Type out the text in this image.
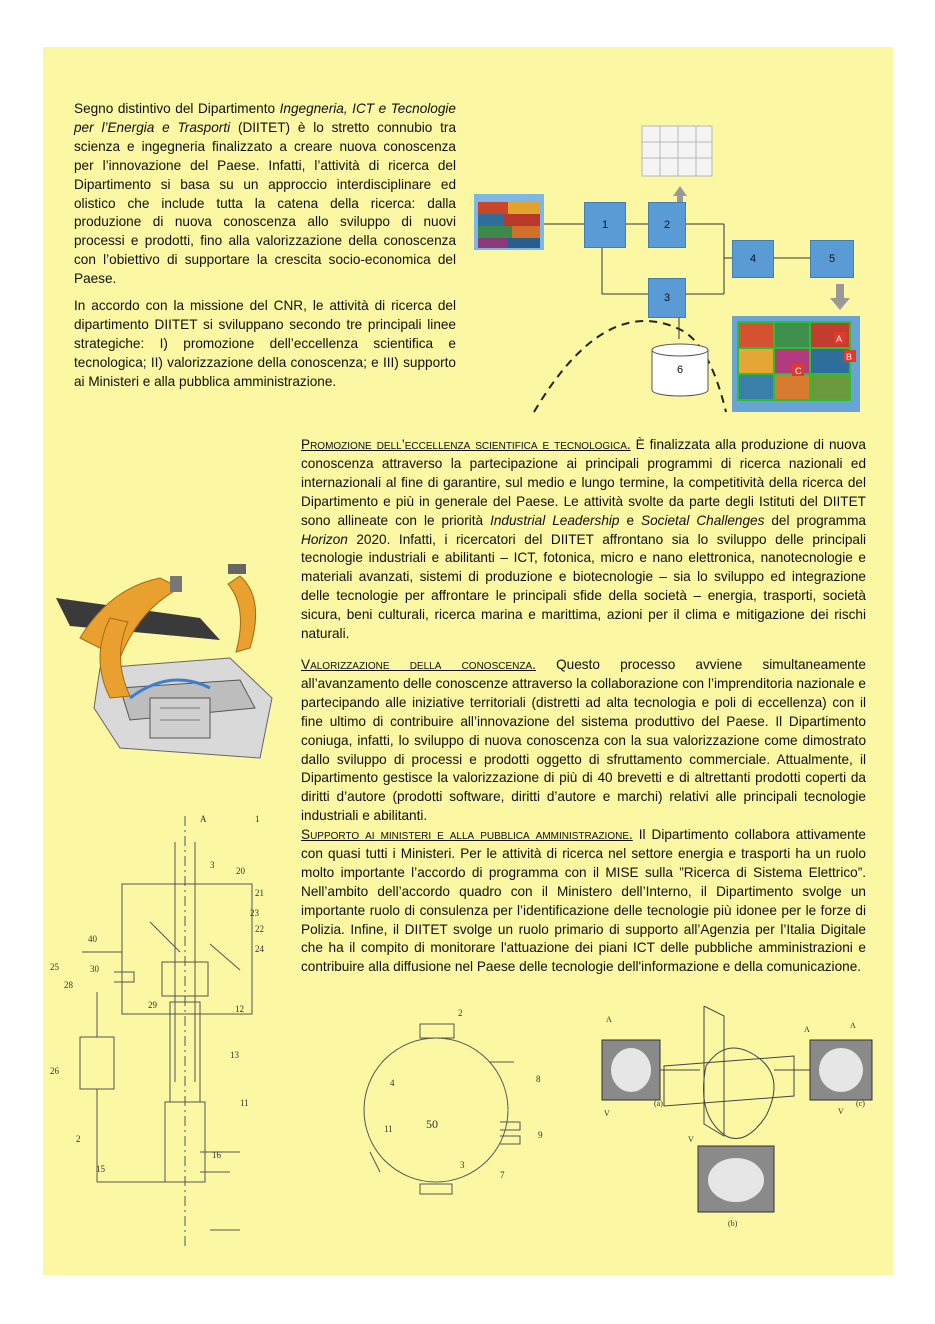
Segno distintivo del Dipartimento Ingegneria, ICT e Tecnologie per l’Energia e Trasporti (DIITET) è lo stretto connubio tra scienza e ingegneria finalizzato a creare nuova conoscenza per l’innovazione del Paese. Infatti, l’attività di ricerca del Dipartimento si basa su un approccio interdisciplinare ed olistico che include tutta la catena della ricerca: dalla produzione di nuova conoscenza allo sviluppo di nuovi processi e prodotti, fino alla valorizzazione della conoscenza con l’obiettivo di supportare la crescita socio-economica del Paese.

In accordo con la missione del CNR, le attività di ricerca del dipartimento DIITET si sviluppano secondo tre principali linee strategiche: I) promozione dell’eccellenza scientifica e tecnologica; II) valorizzazione della conoscenza; e III) supporto ai Ministeri e alla pubblica amministrazione.

A
B
C
1	2
3
4	5
6

Promozione dell’eccellenza scientifica e tecnologica. È finalizzata alla produzione di nuova conoscenza attraverso la partecipazione ai principali programmi di ricerca nazionali ed internazionali al fine di garantire, sul medio e lungo termine, la competitività della ricerca del Dipartimento e più in generale del Paese. Le attività svolte da parte degli Istituti del DIITET sono allineate con le priorità Industrial Leadership e Societal Challenges del programma Horizon 2020. Infatti, i ricercatori del DIITET affrontano sia lo sviluppo delle principali tecnologie industriali e abilitanti – ICT, fotonica, micro e nano elettronica, nanotecnologie e materiali avanzati, sistemi di produzione e biotecnologie – sia lo sviluppo ed integrazione delle tecnologie per affrontare le principali sfide della società – energia, trasporti, società sicura, beni culturali, ricerca marina e marittima, azioni per il clima e mitigazione dei rischi naturali.

Valorizzazione della conoscenza. Questo processo avviene simultaneamente all’avanzamento delle conoscenze attraverso la collaborazione con l’imprenditoria nazionale e partecipando alle iniziative territoriali (distretti ad alta tecnologia e poli di eccellenza) con il fine ultimo di contribuire all’innovazione del sistema produttivo del Paese. Il Dipartimento coniuga, infatti, lo sviluppo di nuova conoscenza con la sua valorizzazione come dimostrato dallo sviluppo di processi e prodotti oggetto di sfruttamento commerciale. Attualmente, il Dipartimento gestisce la valorizzazione di più di 40 brevetti e di altrettanti prodotti coperti da diritti d’autore (prodotti software, diritti d’autore e marchi) relativi alle principali tecnologie industriali e abilitanti.

Supporto ai ministeri e alla pubblica amministrazione. Il Dipartimento collabora attivamente con quasi tutti i Ministeri. Per le attività di ricerca nel settore energia e trasporti ha un ruolo molto importante l’accordo di programma con il MISE sulla ”Ricerca di Sistema Elettrico”. Nell’ambito dell’accordo quadro con il Ministero dell’Interno, il Dipartimento svolge un importante ruolo di consulenza per l’identificazione delle tecnologie più idonee per le forze di Polizia. Infine, il DIITET svolge un ruolo primario di supporto all’Agenzia per l’Italia Digitale che ha il compito di monitorare l'attuazione dei piani ICT delle pubbliche amministrazioni e contribuire alla diffusione nel Paese delle tecnologie dell'informazione e della comunicazione.

1
A
3
20
21
40
30
25
28
26
2
15
16
11
12
13
29
24
23
22
2
50
4
11
8
9
7
3
A
A	A
(a)	(c)
(b)
V	V
V
